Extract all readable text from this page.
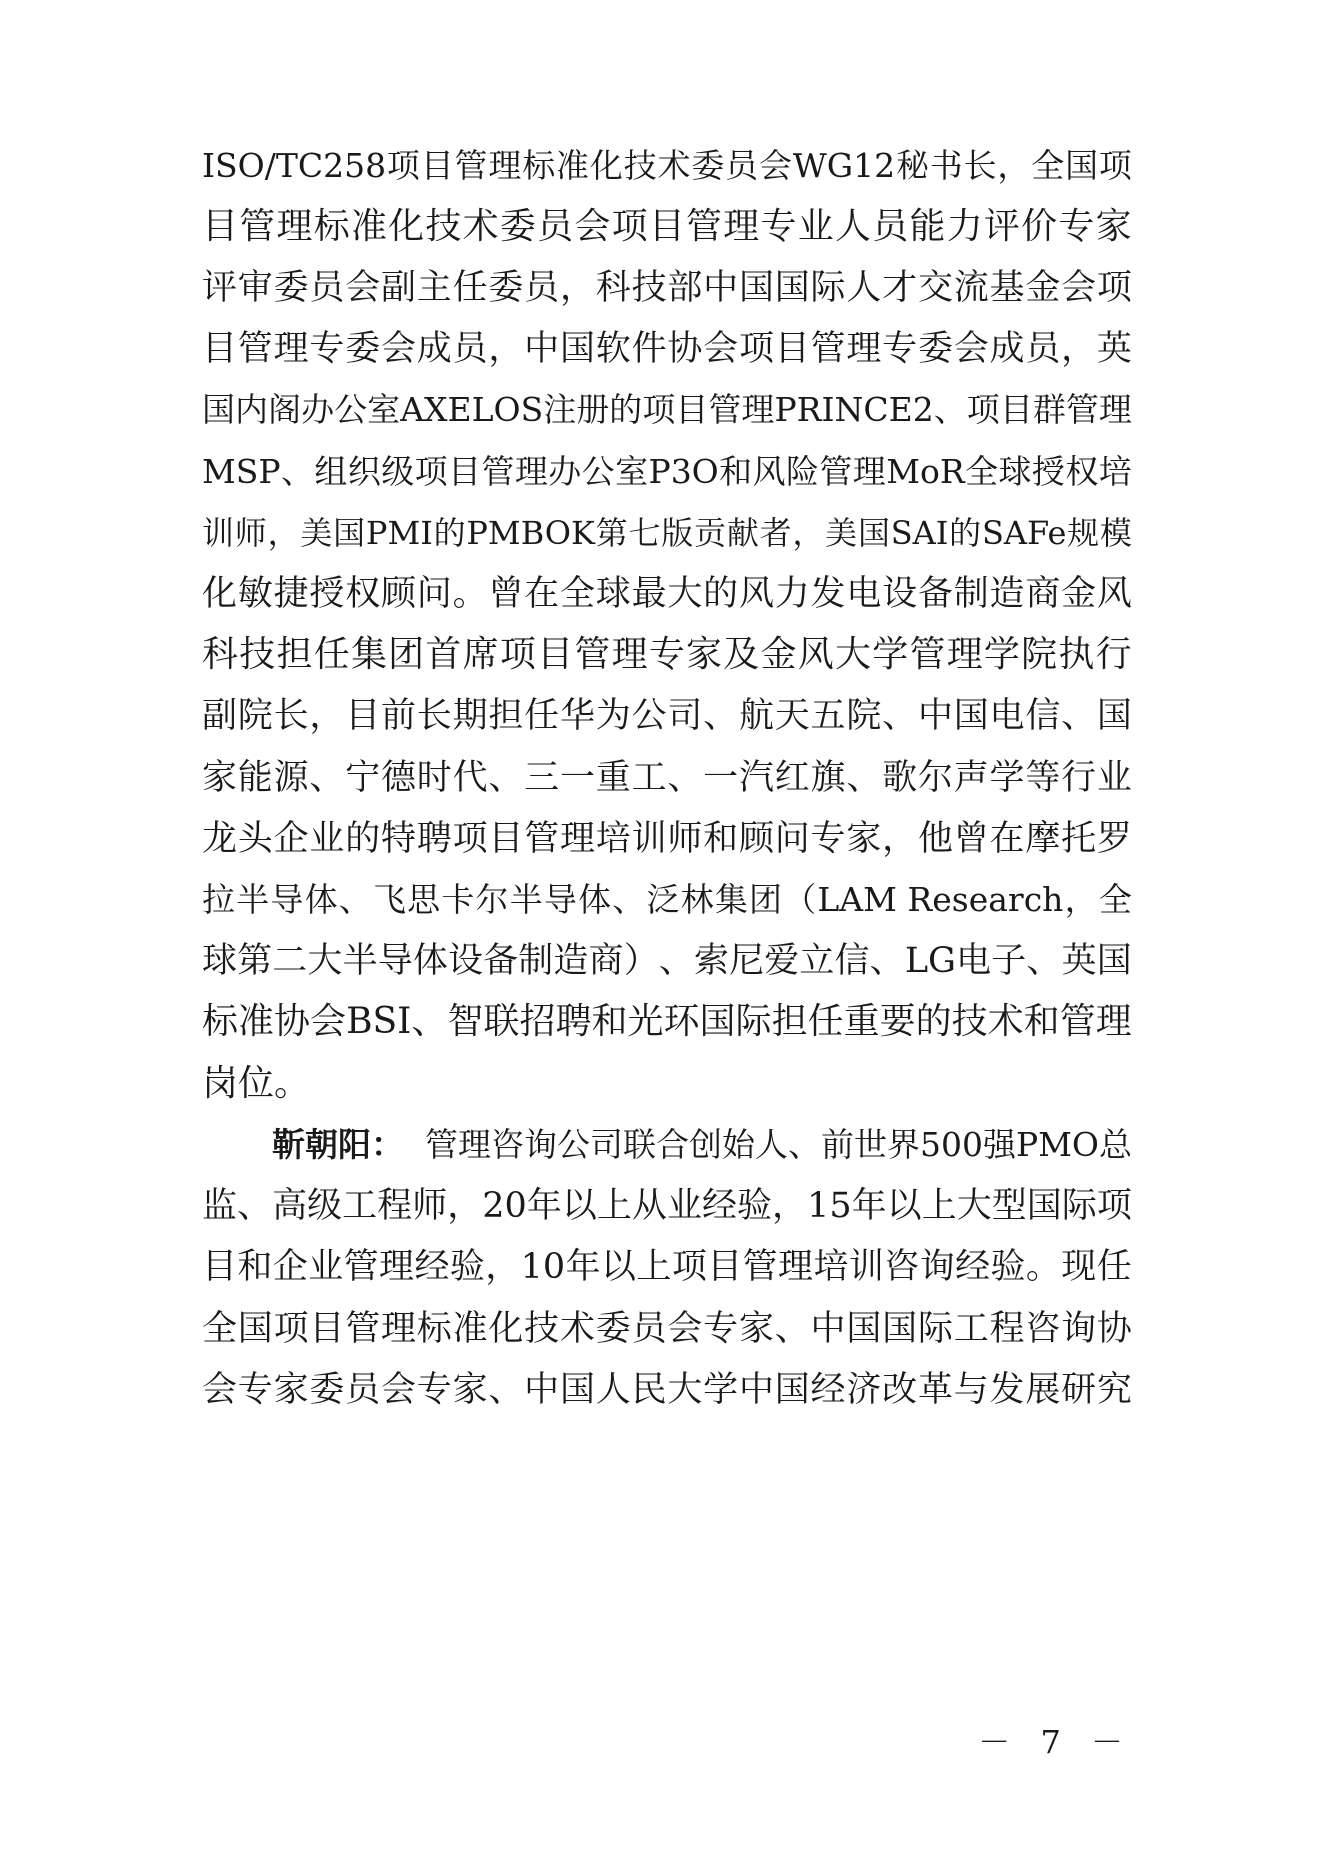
ISO/TC258 项 目 管 理 标 准 化 技 术 委 员 会 WG12 秘 书 长 ， 全 国 项
目 管 理 标 准 化 技 术 委 员 会 项 目 管 理 专 业 人 员 能 力 评 价 专 家
评 审 委 员 会 副 主 任 委 员 ， 科 技 部 中 国 国 际 人 才 交 流 基 金 会 项
目 管 理 专 委 会 成 员 ， 中 国 软 件 协 会 项 目 管 理 专 委 会 成 员 ， 英
国 内 阁 办 公 室 AXELOS 注 册 的 项 目 管 理 PRINCE2 、 项 目 群 管 理
MSP 、 组 织 级 项 目 管 理 办 公 室 P3O 和 风 险 管 理 MoR 全 球 授 权 培
训 师 ， 美 国 PMI 的 PMBOK 第 七 版 贡 献 者 ， 美 国 SAI 的 SAFe 规 模
化 敏 捷 授 权 顾 问 。 曾 在 全 球 最 大 的 风 力 发 电 设 备 制 造 商 金 风
科 技 担 任 集 团 首 席 项 目 管 理 专 家 及 金 风 大 学 管 理 学 院 执 行
副 院 长 ， 目 前 长 期 担 任 华 为 公 司 、 航 天 五 院 、 中 国 电 信 、 国
家 能 源 、 宁 德 时 代 、 三 一 重 工 、 一 汽 红 旗 、 歌 尔 声 学 等 行 业
龙 头 企 业 的 特 聘 项 目 管 理 培 训 师 和 顾 问 专 家 ， 他 曾 在 摩 托 罗
拉 半 导 体 、 飞 思 卡 尔 半 导 体 、 泛 林 集 团 （ LAM Research ， 全
球 第 二 大 半 导 体 设 备 制 造 商 ） 、 索 尼 爱 立 信 、 LG 电 子 、 英 国
标 准 协 会 BSI 、 智 联 招 聘 和 光 环 国 际 担 任 重 要 的 技 术 和 管 理
岗位。
靳朝阳： 管理咨询公司联合创始人、前世界500强PMO总
监 、 高 级 工 程 师 ， 20 年 以 上 从 业 经 验 ， 15 年 以 上 大 型 国 际 项
目 和 企 业 管 理 经 验 ， 10 年 以 上 项 目 管 理 培 训 咨 询 经 验 。 现 任
全 国 项 目 管 理 标 准 化 技 术 委 员 会 专 家 、 中 国 国 际 工 程 咨 询 协
会 专 家 委 员 会 专 家 、 中 国 人 民 大 学 中 国 经 济 改 革 与 发 展 研 究
－ 7 －
